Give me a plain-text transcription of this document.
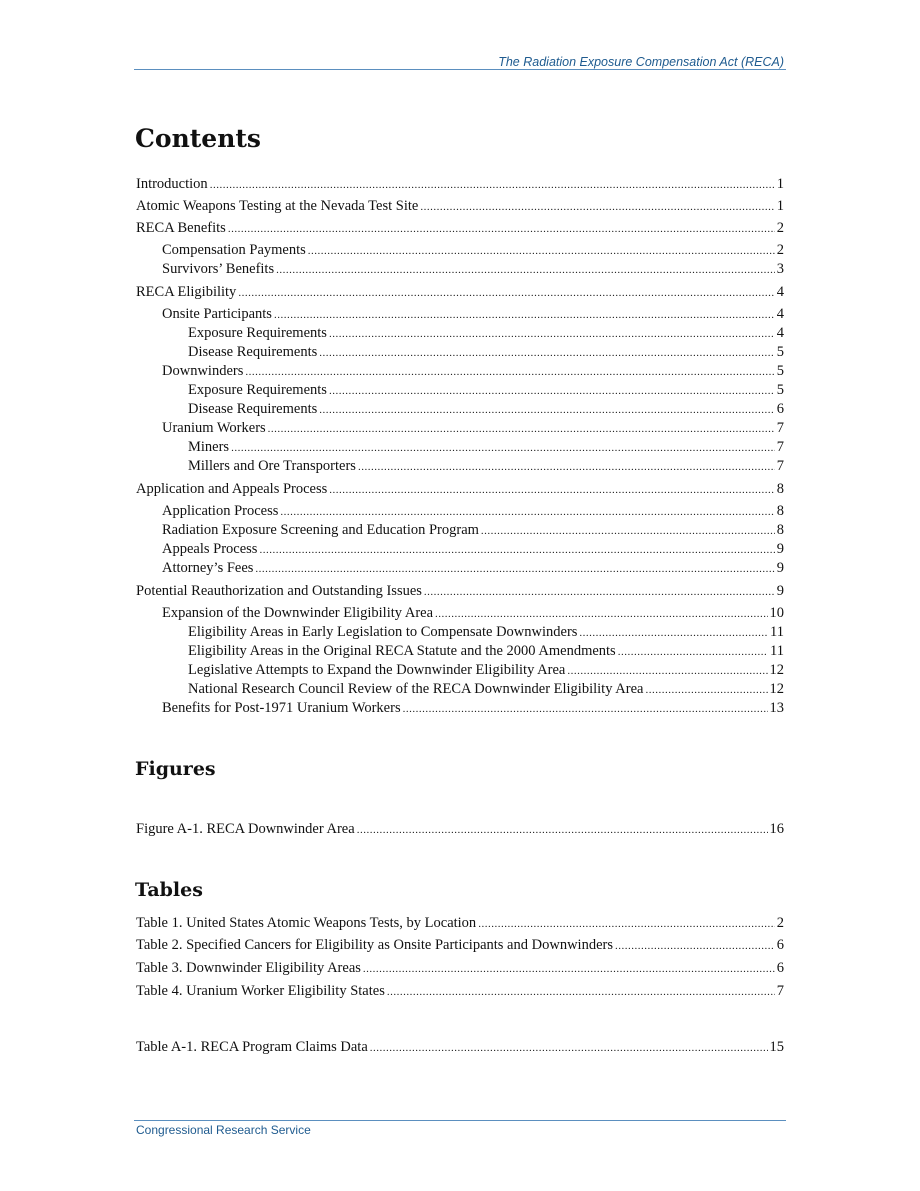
The Radiation Exposure Compensation Act (RECA)
Contents
Introduction .....	1
Atomic Weapons Testing at the Nevada Test Site .....	1
RECA Benefits .....	2
Compensation Payments .....	2
Survivors’ Benefits .....	3
RECA Eligibility .....	4
Onsite Participants .....	4
Exposure Requirements .....	4
Disease Requirements .....	5
Downwinders .....	5
Exposure Requirements .....	5
Disease Requirements .....	6
Uranium Workers .....	7
Miners .....	7
Millers and Ore Transporters .....	7
Application and Appeals Process .....	8
Application Process .....	8
Radiation Exposure Screening and Education Program .....	8
Appeals Process .....	9
Attorney’s Fees .....	9
Potential Reauthorization and Outstanding Issues .....	9
Expansion of the Downwinder Eligibility Area .....	10
Eligibility Areas in Early Legislation to Compensate Downwinders .....	11
Eligibility Areas in the Original RECA Statute and the 2000 Amendments .....	11
Legislative Attempts to Expand the Downwinder Eligibility Area .....	12
National Research Council Review of the RECA Downwinder Eligibility Area .....	12
Benefits for Post-1971 Uranium Workers .....	13
Figures
Figure A-1. RECA Downwinder Area .....	16
Tables
Table 1. United States Atomic Weapons Tests, by Location .....	2
Table 2. Specified Cancers for Eligibility as Onsite Participants and Downwinders .....	6
Table 3. Downwinder Eligibility Areas .....	6
Table 4. Uranium Worker Eligibility States .....	7
Table A-1. RECA Program Claims Data .....	15
Congressional Research Service
